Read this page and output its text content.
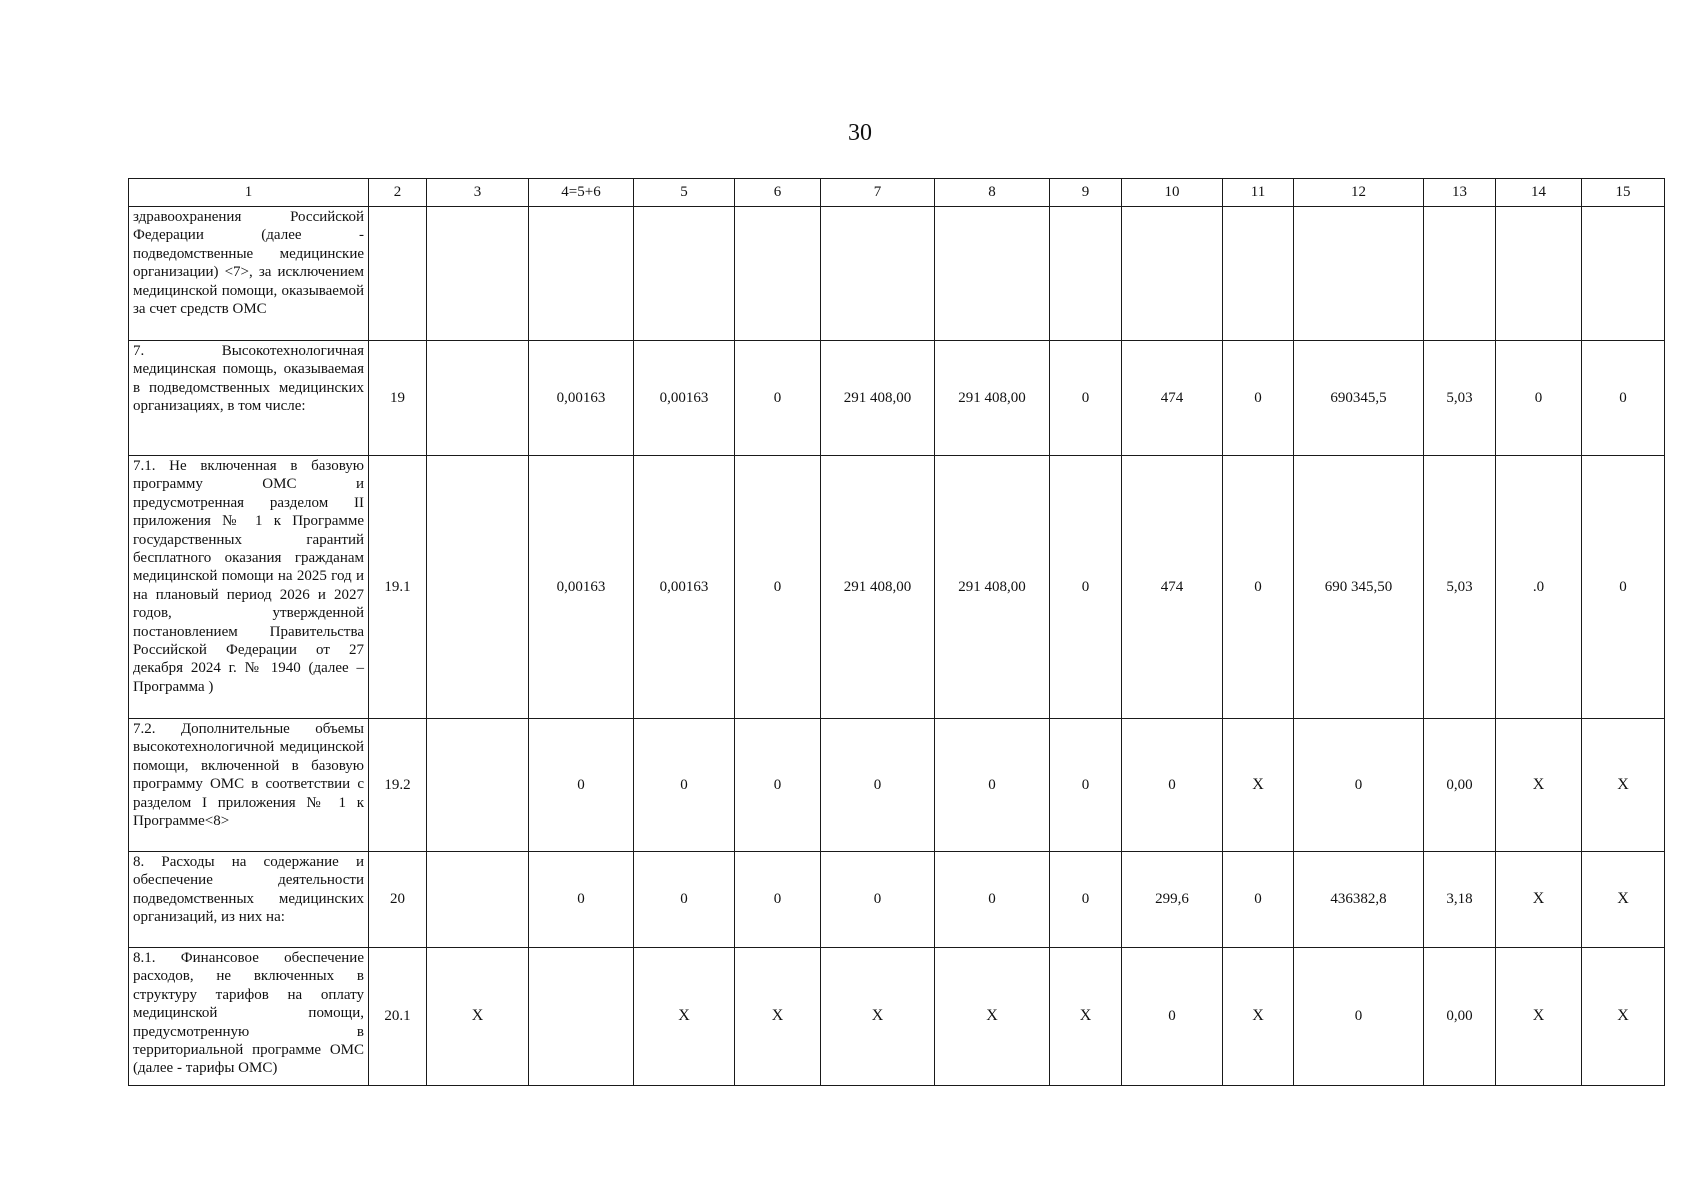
30
1	2	3	4=5+6	5	6	7	8	9	10	11	12	13	14	15
здравоохранения Российской Федерации (далее - подведомственные медицинские организации) <7>, за исключением медицинской помощи, оказываемой за счет средств ОМС														
7. Высокотехнологичная медицинская помощь, оказываемая в подведомственных медицинских организациях, в том числе:	19		0,00163	0,00163	0	291 408,00	291 408,00	0	474	0	690345,5	5,03	0	0
7.1. Не включенная в базовую программу ОМС и предусмотренная разделом II приложения № 1 к Программе государственных гарантий бесплатного оказания гражданам медицинской помощи на 2025 год и на плановый период 2026 и 2027 годов, утвержденной постановлением Правительства Российской Федерации от 27 декабря 2024 г. № 1940 (далее – Программа )	19.1		0,00163	0,00163	0	291 408,00	291 408,00	0	474	0	690 345,50	5,03	.0	0
7.2. Дополнительные объемы высокотехнологичной медицинской помощи, включенной в базовую программу ОМС в соответствии с разделом I приложения № 1 к Программе<8>	19.2		0	0	0	0	0	0	0	X	0	0,00	X	X
8. Расходы на содержание и обеспечение деятельности подведомственных медицинских организаций, из них на:	20		0	0	0	0	0	0	299,6	0	436382,8	3,18	X	X
8.1. Финансовое обеспечение расходов, не включенных в структуру тарифов на оплату медицинской помощи, предусмотренную в территориальной программе ОМС (далее - тарифы ОМС)	20.1	X		X	X	X	X	X	0	X	0	0,00	X	X
